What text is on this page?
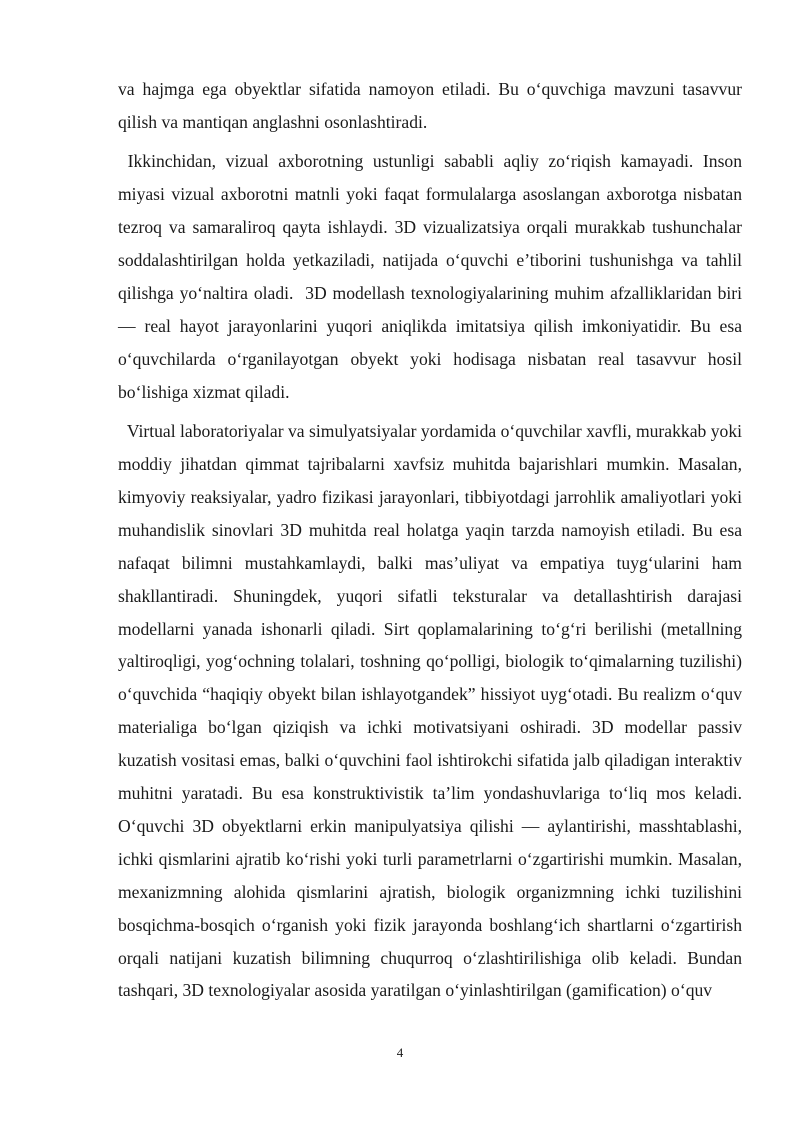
va hajmga ega obyektlar sifatida namoyon etiladi. Bu o‘quvchiga mavzuni tasavvur qilish va mantiqan anglashni osonlashtiradi.

Ikkinchidan, vizual axborotning ustunligi sababli aqliy zo‘riqish kamayadi. Inson miyasi vizual axborotni matnli yoki faqat formulalarga asoslangan axborotga nisbatan tezroq va samaraliroq qayta ishlaydi. 3D vizualizatsiya orqali murakkab tushunchalar soddalashtirilgan holda yetkaziladi, natijada o‘quvchi e’tiborini tushunishga va tahlil qilishga yo‘naltira oladi.  3D modellash texnologiyalarining muhim afzalliklaridan biri — real hayot jarayonlarini yuqori aniqlikda imitatsiya qilish imkoniyatidir. Bu esa o‘quvchilarda o‘rganilayotgan obyekt yoki hodisaga nisbatan real tasavvur hosil bo‘lishiga xizmat qiladi.

Virtual laboratoriyalar va simulyatsiyalar yordamida o‘quvchilar xavfli, murakkab yoki moddiy jihatdan qimmat tajribalarni xavfsiz muhitda bajarishlari mumkin. Masalan, kimyoviy reaksiyalar, yadro fizikasi jarayonlari, tibbiyotdagi jarrohlik amaliyotlari yoki muhandislik sinovlari 3D muhitda real holatga yaqin tarzda namoyish etiladi. Bu esa nafaqat bilimni mustahkamlaydi, balki mas’uliyat va empatiya tuyg‘ularini ham shakllantiradi. Shuningdek, yuqori sifatli teksturalar va detallashtirish darajasi modellarni yanada ishonarli qiladi. Sirt qoplamalarining to‘g‘ri berilishi (metallning yaltiroqligi, yog‘ochning tolalari, toshning qo‘polligi, biologik to‘qimalarning tuzilishi) o‘quvchida “haqiqiy obyekt bilan ishlayotgandek” hissiyot uyg‘otadi. Bu realizm o‘quv materialiga bo‘lgan qiziqish va ichki motivatsiyani oshiradi. 3D modellar passiv kuzatish vositasi emas, balki o‘quvchini faol ishtirokchi sifatida jalb qiladigan interaktiv muhitni yaratadi. Bu esa konstruktivistik ta’lim yondashuvlariga to‘liq mos keladi. O‘quvchi 3D obyektlarni erkin manipulyatsiya qilishi — aylantirishi, masshtablashi, ichki qismlarini ajratib ko‘rishi yoki turli parametrlarni o‘zgartirishi mumkin. Masalan, mexanizmning alohida qismlarini ajratish, biologik organizmning ichki tuzilishini bosqichma-bosqich o‘rganish yoki fizik jarayonda boshlang‘ich shartlarni o‘zgartirish orqali natijani kuzatish bilimning chuqurroq o‘zlashtirilishiga olib keladi. Bundan tashqari, 3D texnologiyalar asosida yaratilgan o‘yinlashtirilgan (gamification) o‘quv

4
